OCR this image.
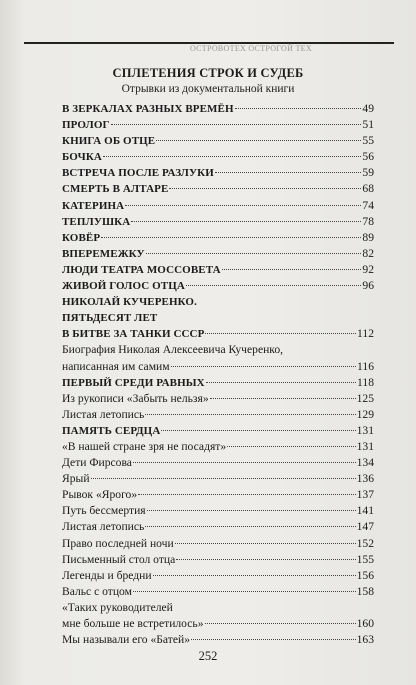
ОСТРОВОТЕХ ОСТРОГОЙ ТЕХ
СПЛЕТЕНИЯ СТРОК И СУДЕБ
Отрывки из документальной книги
В ЗЕРКАЛАХ РАЗНЫХ ВРЕМЁН	49
ПРОЛОГ	51
КНИГА ОБ ОТЦЕ	55
БОЧКА	56
ВСТРЕЧА ПОСЛЕ РАЗЛУКИ	59
СМЕРТЬ В АЛТАРЕ	68
КАТЕРИНА	74
ТЕПЛУШКА	78
КОВЁР	89
ВПЕРЕМЕЖКУ	82
ЛЮДИ ТЕАТРА МОССОВЕТА	92
ЖИВОЙ ГОЛОС ОТЦА	96
НИКОЛАЙ КУЧЕРЕНКО.
ПЯТЬДЕСЯТ ЛЕТ
В БИТВЕ ЗА ТАНКИ СССР	112
Биография Николая Алексеевича Кучеренко,
написанная им самим	116
ПЕРВЫЙ СРЕДИ РАВНЫХ	118
Из рукописи «Забыть нельзя»	125
Листая летопись	129
ПАМЯТЬ СЕРДЦА	131
«В нашей стране зря не посадят»	131
Дети Фирсова	134
Ярый	136
Рывок «Ярого»	137
Путь бессмертия	141
Листая летопись	147
Право последней ночи	152
Письменный стол отца	155
Легенды и бредни	156
Вальс с отцом	158
«Таких руководителей
мне больше не встретилось»	160
Мы называли его «Батей»	163
252
